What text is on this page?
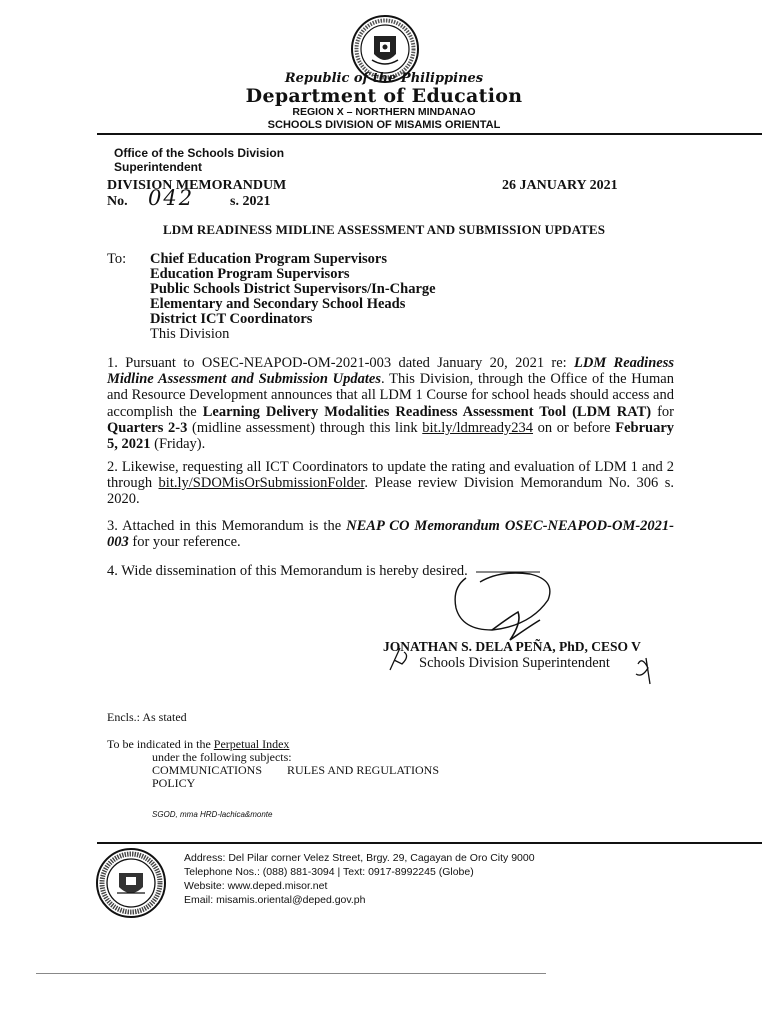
Republic of the Philippines
Department of Education
REGION X – NORTHERN MINDANAO
SCHOOLS DIVISION OF MISAMIS ORIENTAL
Office of the Schools Division
Superintendent
DIVISION MEMORANDUM	26 JANUARY 2021
No. 042	s. 2021
LDM READINESS MIDLINE ASSESSMENT AND SUBMISSION UPDATES
To: Chief Education Program Supervisors
Education Program Supervisors
Public Schools District Supervisors/In-Charge
Elementary and Secondary School Heads
District ICT Coordinators
This Division
1. Pursuant to OSEC-NEAPOD-OM-2021-003 dated January 20, 2021 re: LDM Readiness Midline Assessment and Submission Updates. This Division, through the Office of the Human and Resource Development announces that all LDM 1 Course for school heads should access and accomplish the Learning Delivery Modalities Readiness Assessment Tool (LDM RAT) for Quarters 2-3 (midline assessment) through this link bit.ly/ldmready234 on or before February 5, 2021 (Friday).
2. Likewise, requesting all ICT Coordinators to update the rating and evaluation of LDM 1 and 2 through bit.ly/SDOMisOrSubmissionFolder. Please review Division Memorandum No. 306 s. 2020.
3. Attached in this Memorandum is the NEAP CO Memorandum OSEC-NEAPOD-OM-2021-003 for your reference.
4. Wide dissemination of this Memorandum is hereby desired.
JONATHAN S. DELA PEÑA, PhD, CESO V
Schools Division Superintendent
Encls.: As stated
To be indicated in the Perpetual Index
under the following subjects:
COMMUNICATIONS RULES AND REGULATIONS
POLICY
SGOD, mma HRD-lachica&monte
Address: Del Pilar corner Velez Street, Brgy. 29, Cagayan de Oro City 9000
Telephone Nos.: (088) 881-3094 | Text: 0917-8992245 (Globe)
Website: www.deped.misor.net
Email: misamis.oriental@deped.gov.ph
